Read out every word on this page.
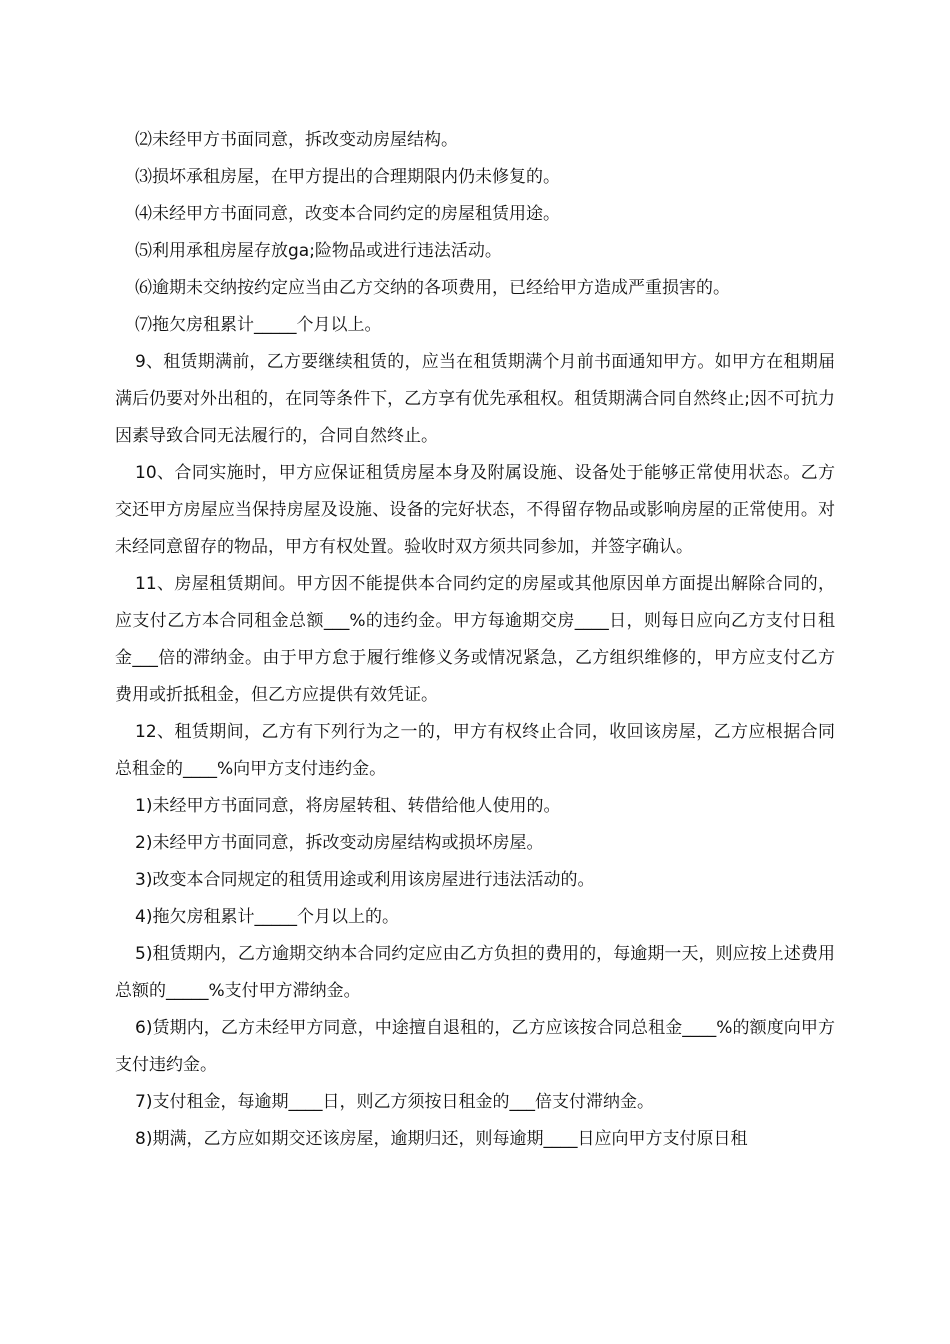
⑵未经甲方书面同意，拆改变动房屋结构。

⑶损坏承租房屋，在甲方提出的合理期限内仍未修复的。

⑷未经甲方书面同意，改变本合同约定的房屋租赁用途。

⑸利用承租房屋存放ga;险物品或进行违法活动。

⑹逾期未交纳按约定应当由乙方交纳的各项费用，已经给甲方造成严重损害的。

⑺拖欠房租累计_____个月以上。

9、租赁期满前，乙方要继续租赁的，应当在租赁期满个月前书面通知甲方。如甲方在租期届满后仍要对外出租的，在同等条件下，乙方享有优先承租权。租赁期满合同自然终止;因不可抗力因素导致合同无法履行的，合同自然终止。

10、合同实施时，甲方应保证租赁房屋本身及附属设施、设备处于能够正常使用状态。乙方交还甲方房屋应当保持房屋及设施、设备的完好状态，不得留存物品或影响房屋的正常使用。对未经同意留存的物品，甲方有权处置。验收时双方须共同参加，并签字确认。

11、房屋租赁期间。甲方因不能提供本合同约定的房屋或其他原因单方面提出解除合同的，应支付乙方本合同租金总额___%的违约金。甲方每逾期交房____日，则每日应向乙方支付日租金___倍的滞纳金。由于甲方怠于履行维修义务或情况紧急，乙方组织维修的，甲方应支付乙方费用或折抵租金，但乙方应提供有效凭证。

12、租赁期间，乙方有下列行为之一的，甲方有权终止合同，收回该房屋，乙方应根据合同总租金的____%向甲方支付违约金。

1)未经甲方书面同意，将房屋转租、转借给他人使用的。

2)未经甲方书面同意，拆改变动房屋结构或损坏房屋。

3)改变本合同规定的租赁用途或利用该房屋进行违法活动的。

4)拖欠房租累计_____个月以上的。

5)租赁期内，乙方逾期交纳本合同约定应由乙方负担的费用的，每逾期一天，则应按上述费用总额的_____%支付甲方滞纳金。

6)赁期内，乙方未经甲方同意，中途擅自退租的，乙方应该按合同总租金____%的额度向甲方支付违约金。

7)支付租金，每逾期____日，则乙方须按日租金的___倍支付滞纳金。

8)期满，乙方应如期交还该房屋，逾期归还，则每逾期____日应向甲方支付原日租
